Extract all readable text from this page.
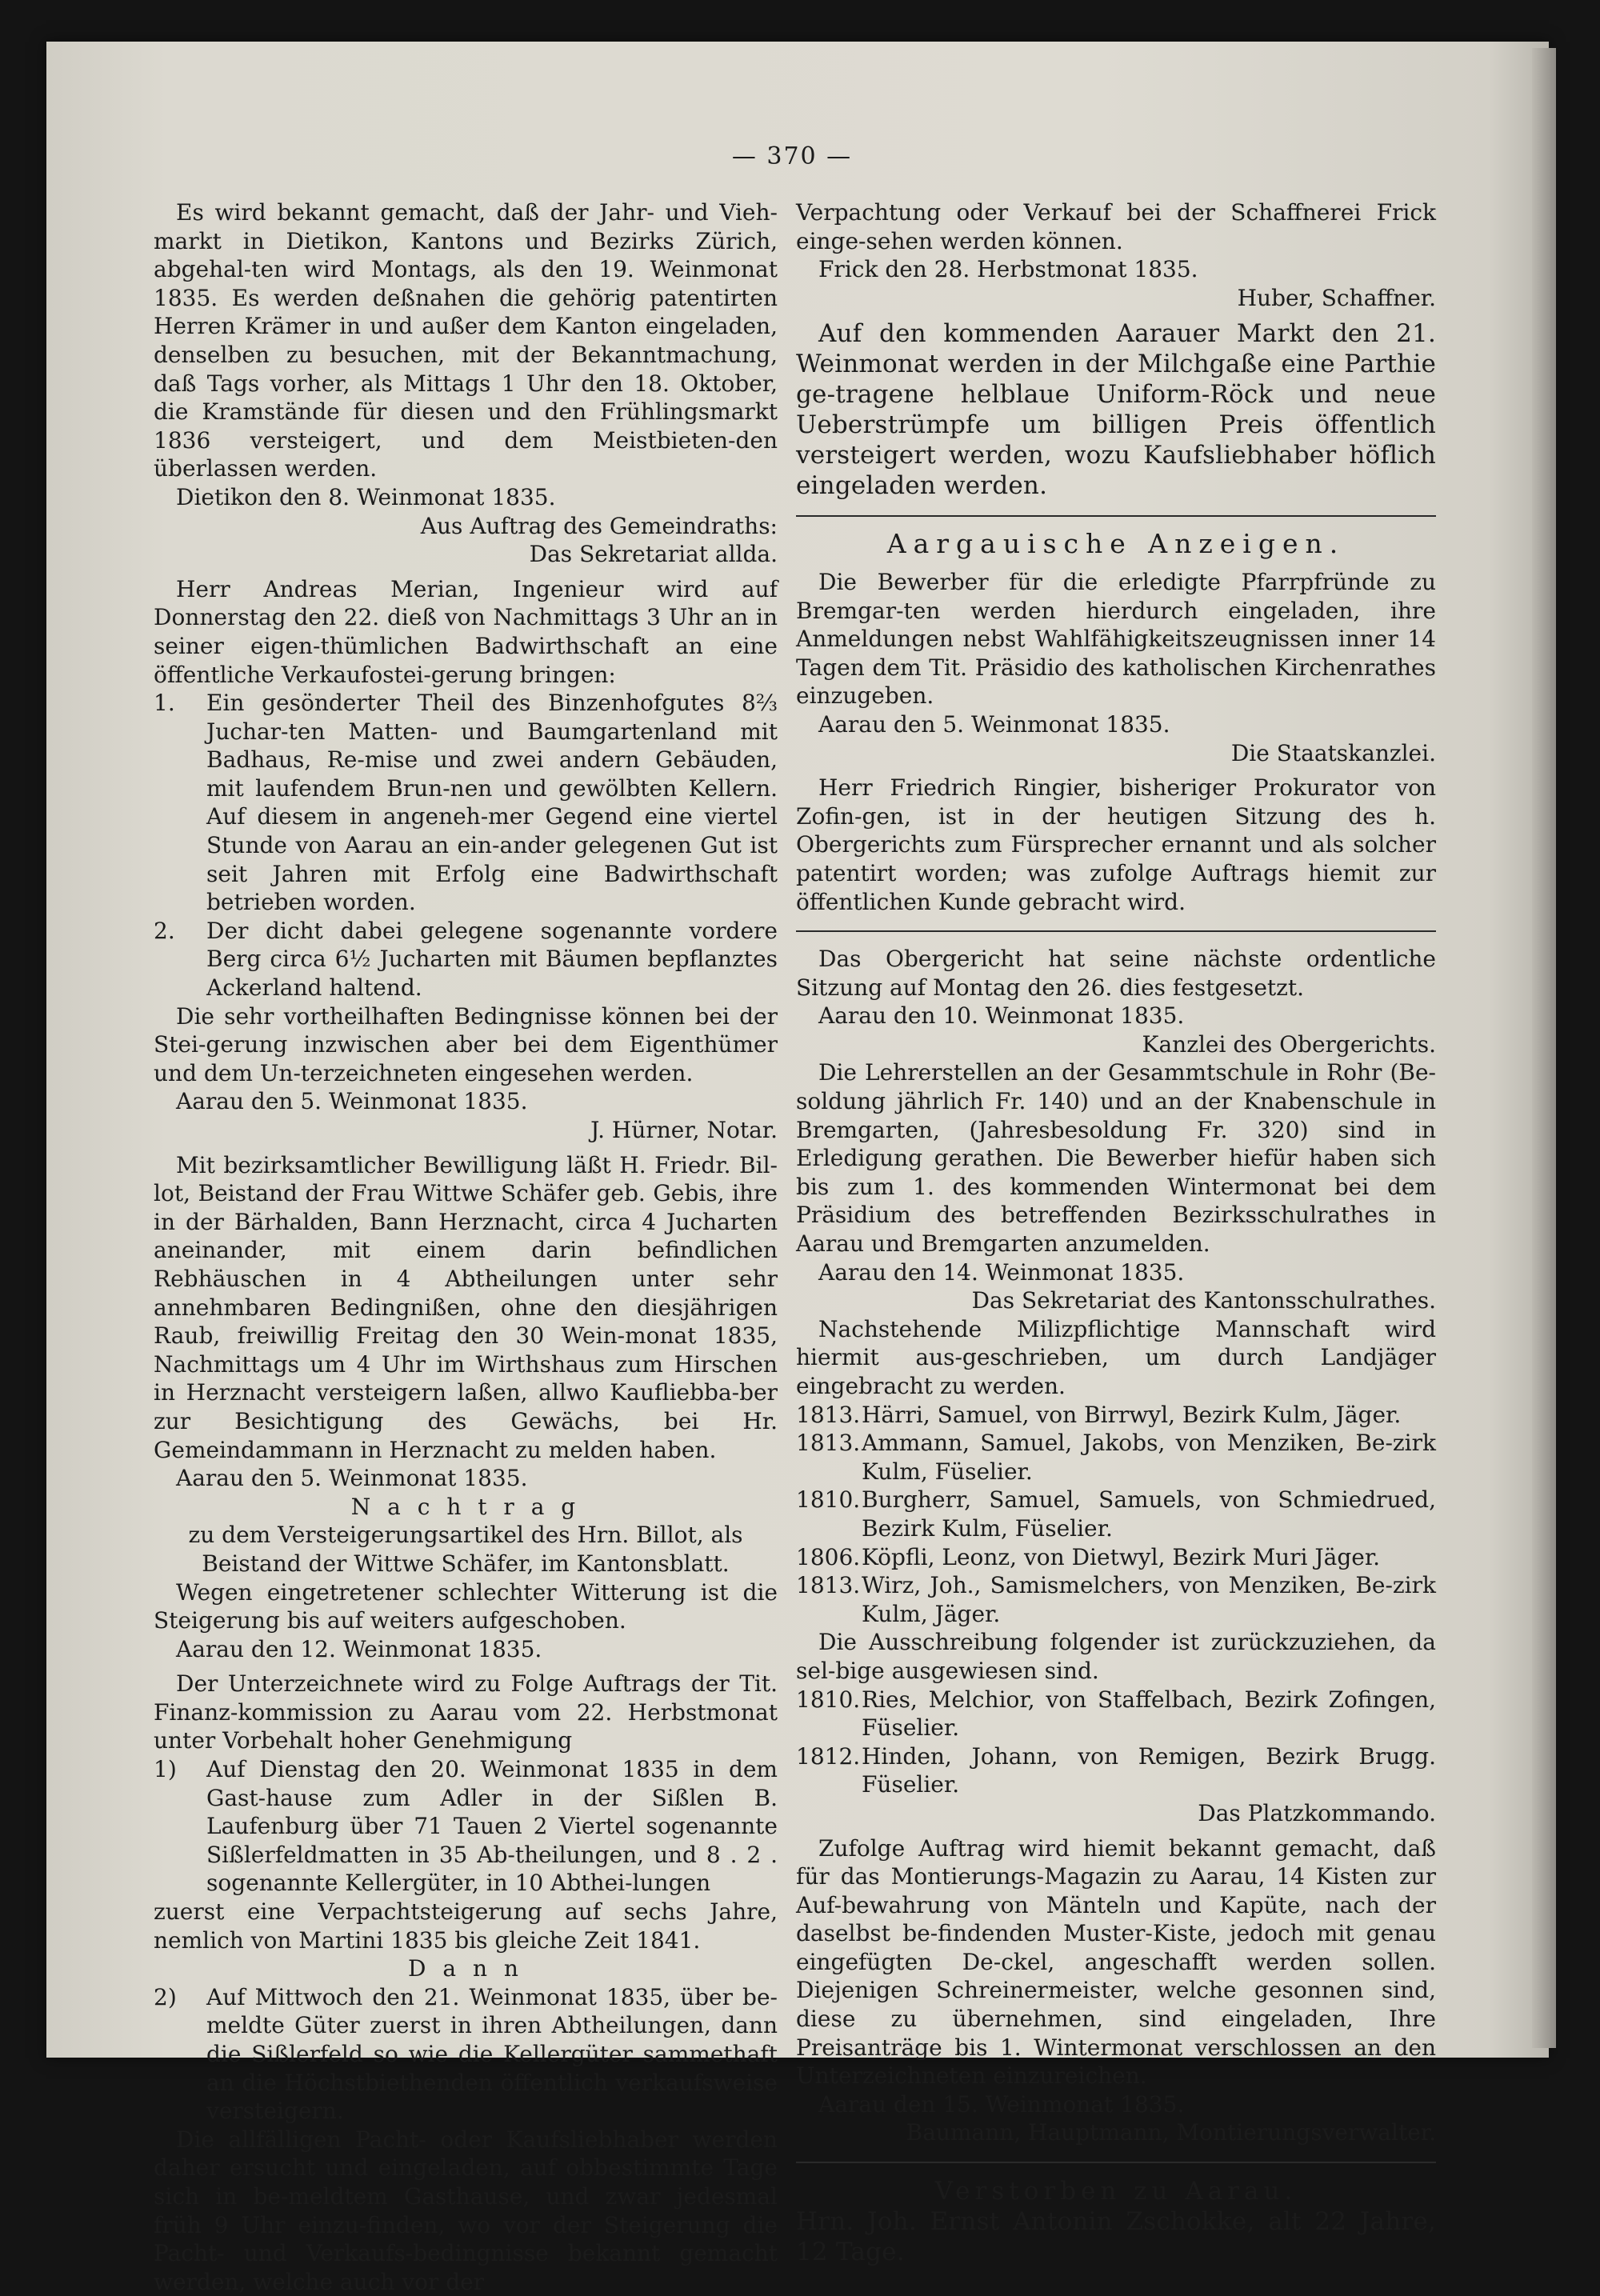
— 370 —

Es wird bekannt gemacht, daß der Jahr- und Vieh-markt in Dietikon, Kantons und Bezirks Zürich, abgehal-ten wird Montags, als den 19. Weinmonat 1835. Es werden deßnahen die gehörig patentirten Herren Krämer in und außer dem Kanton eingeladen, denselben zu besuchen, mit der Bekanntmachung, daß Tags vorher, als Mittags 1 Uhr den 18. Oktober, die Kramstände für diesen und den Frühlingsmarkt 1836 versteigert, und dem Meistbieten-den überlassen werden.

Dietikon den 8. Weinmonat 1835.

Aus Auftrag des Gemeindraths:

Das Sekretariat allda.

Herr Andreas Merian, Ingenieur wird auf Donnerstag den 22. dieß von Nachmittags 3 Uhr an in seiner eigen-thümlichen Badwirthschaft an eine öffentliche Verkaufostei-gerung bringen:

1.	Ein gesönderter Theil des Binzenhofgutes 8⅔ Juchar-ten Matten- und Baumgartenland mit Badhaus, Re-mise und zwei andern Gebäuden, mit laufendem Brun-nen und gewölbten Kellern. Auf diesem in angeneh-mer Gegend eine viertel Stunde von Aarau an ein-ander gelegenen Gut ist seit Jahren mit Erfolg eine Badwirthschaft betrieben worden.
2.	Der dicht dabei gelegene sogenannte vordere Berg circa 6½ Jucharten mit Bäumen bepflanztes Ackerland haltend.

Die sehr vortheilhaften Bedingnisse können bei der Stei-gerung inzwischen aber bei dem Eigenthümer und dem Un-terzeichneten eingesehen werden.

Aarau den 5. Weinmonat 1835.

J. Hürner, Notar.

Mit bezirksamtlicher Bewilligung läßt H. Friedr. Bil-lot, Beistand der Frau Wittwe Schäfer geb. Gebis, ihre in der Bärhalden, Bann Herznacht, circa 4 Jucharten aneinander, mit einem darin befindlichen Rebhäuschen in 4 Abtheilungen unter sehr annehmbaren Bedingnißen, ohne den diesjährigen Raub, freiwillig Freitag den 30 Wein-monat 1835, Nachmittags um 4 Uhr im Wirthshaus zum Hirschen in Herznacht versteigern laßen, allwo Kaufliebba-ber zur Besichtigung des Gewächs, bei Hr. Gemeindammann in Herznacht zu melden haben.

Aarau den 5. Weinmonat 1835.

N a c h t r a g

zu dem Versteigerungsartikel des Hrn. Billot, als Beistand der Wittwe Schäfer, im Kantonsblatt.

Wegen eingetretener schlechter Witterung ist die Steigerung bis auf weiters aufgeschoben.

Aarau den 12. Weinmonat 1835.

Der Unterzeichnete wird zu Folge Auftrags der Tit. Finanz-kommission zu Aarau vom 22. Herbstmonat unter Vorbehalt hoher Genehmigung

1)	Auf Dienstag den 20. Weinmonat 1835 in dem Gast-hause zum Adler in der Sißlen B. Laufenburg über 71 Tauen 2 Viertel sogenannte Sißlerfeldmatten in 35 Ab-theilungen, und 8 . 2 . sogenannte Kellergüter, in 10 Abthei-lungen

zuerst eine Verpachtsteigerung auf sechs Jahre, nemlich von Martini 1835 bis gleiche Zeit 1841.

D a n n

2)	Auf Mittwoch den 21. Weinmonat 1835, über be-meldte Güter zuerst in ihren Abtheilungen, dann die Sißlerfeld so wie die Kellergüter sammethaft an die Höchstbiethenden öffentlich verkaufsweise versteigern.

Die allfälligen Pacht- oder Kaufsliebhaber werden daher ersucht und eingeladen, auf obbestimmte Tage sich in be-meldtem Gasthause, und zwar jedesmal früh 9 Uhr einzu-finden, wo vor der Steigerung die Pacht- und Verkaufs-bedingnisse bekannt gemacht werden, welche auch vor der

Verpachtung oder Verkauf bei der Schaffnerei Frick einge-sehen werden können.

Frick den 28. Herbstmonat 1835.

Huber, Schaffner.

Auf den kommenden Aarauer Markt den 21. Weinmonat werden in der Milchgaße eine Parthie ge-tragene helblaue Uniform-Röck und neue Ueberstrümpfe um billigen Preis öffentlich versteigert werden, wozu Kaufsliebhaber höflich eingeladen werden.

Aargauische Anzeigen.

Die Bewerber für die erledigte Pfarrpfründe zu Bremgar-ten werden hierdurch eingeladen, ihre Anmeldungen nebst Wahlfähigkeitszeugnissen inner 14 Tagen dem Tit. Präsidio des katholischen Kirchenrathes einzugeben.

Aarau den 5. Weinmonat 1835.

Die Staatskanzlei.

Herr Friedrich Ringier, bisheriger Prokurator von Zofin-gen, ist in der heutigen Sitzung des h. Obergerichts zum Fürsprecher ernannt und als solcher patentirt worden; was zufolge Auftrags hiemit zur öffentlichen Kunde gebracht wird.

Das Obergericht hat seine nächste ordentliche Sitzung auf Montag den 26. dies festgesetzt.

Aarau den 10. Weinmonat 1835.

Kanzlei des Obergerichts.

Die Lehrerstellen an der Gesammtschule in Rohr (Be-soldung jährlich Fr. 140) und an der Knabenschule in Bremgarten, (Jahresbesoldung Fr. 320) sind in Erledigung gerathen. Die Bewerber hiefür haben sich bis zum 1. des kommenden Wintermonat bei dem Präsidium des betreffenden Bezirksschulrathes in Aarau und Bremgarten anzumelden.

Aarau den 14. Weinmonat 1835.

Das Sekretariat des Kantonsschulrathes.

Nachstehende Milizpflichtige Mannschaft wird hiermit aus-geschrieben, um durch Landjäger eingebracht zu werden.

1813. Härri, Samuel, von Birrwyl, Bezirk Kulm, Jäger.
1813. Ammann, Samuel, Jakobs, von Menziken, Be-zirk Kulm, Füselier.
1810. Burgherr, Samuel, Samuels, von Schmiedrued, Bezirk Kulm, Füselier.
1806. Köpfli, Leonz, von Dietwyl, Bezirk Muri Jäger.
1813. Wirz, Joh., Samismelchers, von Menziken, Be-zirk Kulm, Jäger.

Die Ausschreibung folgender ist zurückzuziehen, da sel-bige ausgewiesen sind.

1810. Ries, Melchior, von Staffelbach, Bezirk Zofingen, Füselier.
1812. Hinden, Johann, von Remigen, Bezirk Brugg. Füselier.

Das Platzkommando.

Zufolge Auftrag wird hiemit bekannt gemacht, daß für das Montierungs-Magazin zu Aarau, 14 Kisten zur Auf-bewahrung von Mänteln und Kapüte, nach der daselbst be-findenden Muster-Kiste, jedoch mit genau eingefügten De-ckel, angeschafft werden sollen. Diejenigen Schreinermeister, welche gesonnen sind, diese zu übernehmen, sind eingeladen, Ihre Preisanträge bis 1. Wintermonat verschlossen an den Unterzeichneten einzureichen.

Aarau den 15. Weinmonat 1835.

Baumann, Hauptmann, Montierungsverwalter.

Verstorben zu Aarau.

Hrn. Joh. Ernst Antonin Zschokke, alt 22 Jahre, 12 Tage.
